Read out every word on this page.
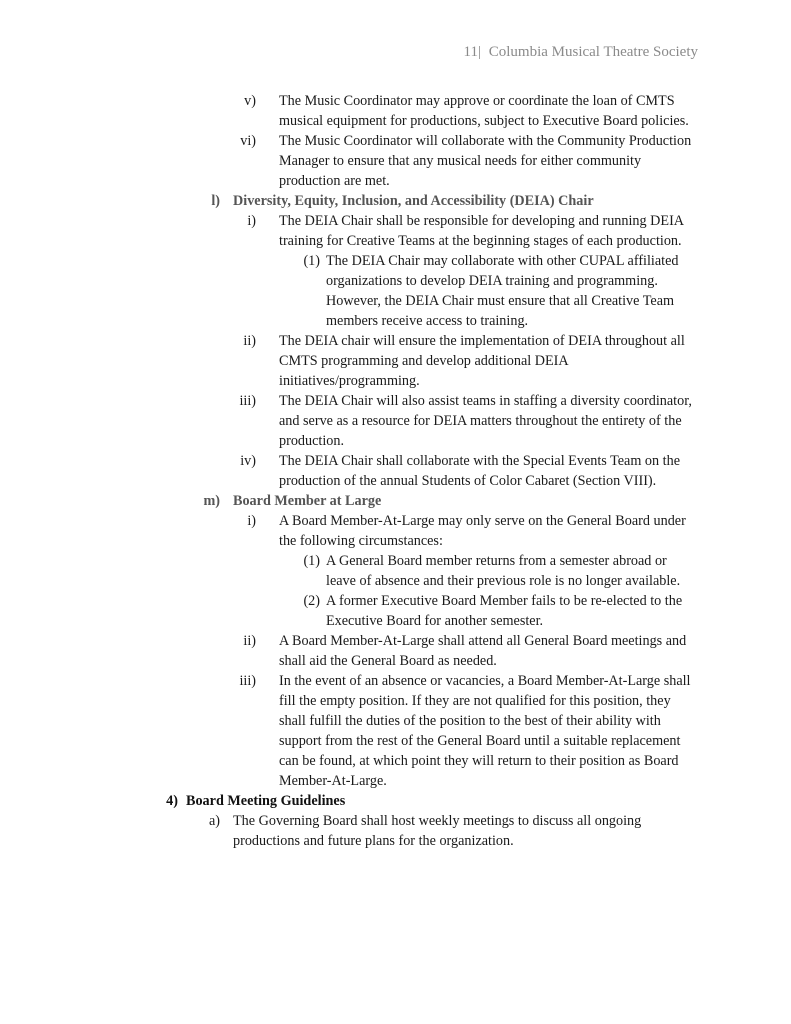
11| Columbia Musical Theatre Society
v) The Music Coordinator may approve or coordinate the loan of CMTS musical equipment for productions, subject to Executive Board policies.
vi) The Music Coordinator will collaborate with the Community Production Manager to ensure that any musical needs for either community production are met.
l) Diversity, Equity, Inclusion, and Accessibility (DEIA) Chair
i) The DEIA Chair shall be responsible for developing and running DEIA training for Creative Teams at the beginning stages of each production.
(1) The DEIA Chair may collaborate with other CUPAL affiliated organizations to develop DEIA training and programming. However, the DEIA Chair must ensure that all Creative Team members receive access to training.
ii) The DEIA chair will ensure the implementation of DEIA throughout all CMTS programming and develop additional DEIA initiatives/programming.
iii) The DEIA Chair will also assist teams in staffing a diversity coordinator, and serve as a resource for DEIA matters throughout the entirety of the production.
iv) The DEIA Chair shall collaborate with the Special Events Team on the production of the annual Students of Color Cabaret (Section VIII).
m) Board Member at Large
i) A Board Member-At-Large may only serve on the General Board under the following circumstances:
(1) A General Board member returns from a semester abroad or leave of absence and their previous role is no longer available.
(2) A former Executive Board Member fails to be re-elected to the Executive Board for another semester.
ii) A Board Member-At-Large shall attend all General Board meetings and shall aid the General Board as needed.
iii) In the event of an absence or vacancies, a Board Member-At-Large shall fill the empty position. If they are not qualified for this position, they shall fulfill the duties of the position to the best of their ability with support from the rest of the General Board until a suitable replacement can be found, at which point they will return to their position as Board Member-At-Large.
4) Board Meeting Guidelines
a) The Governing Board shall host weekly meetings to discuss all ongoing productions and future plans for the organization.
